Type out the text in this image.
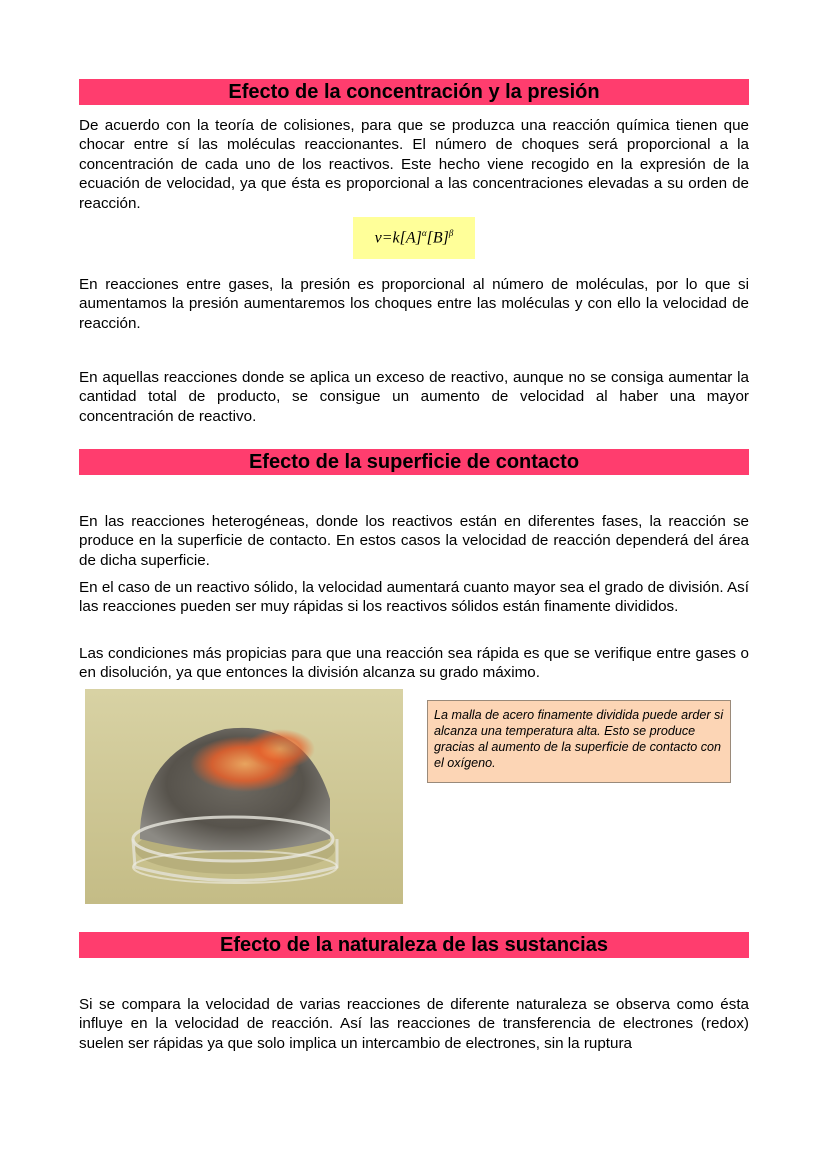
Efecto de la concentración y la presión

De acuerdo con la teoría de colisiones, para que se produzca una reacción química tienen que chocar entre sí las moléculas reaccionantes. El número de choques será proporcional a la concentración de cada uno de los reactivos. Este hecho viene recogido en la expresión de la ecuación de velocidad, ya que ésta es proporcional a las concentraciones elevadas a su orden de reacción.

$v=k[A]^\alpha[B]^\beta$

En reacciones entre gases, la presión es proporcional al número de moléculas, por lo que si aumentamos la presión aumentaremos los choques entre las moléculas y con ello la velocidad de reacción.

En aquellas reacciones donde se aplica un exceso de reactivo, aunque no se consiga aumentar la cantidad total de producto, se consigue un aumento de velocidad al haber una mayor concentración de reactivo.

Efecto de la superficie de contacto

En las reacciones heterogéneas, donde los reactivos están en diferentes fases, la reacción se produce en la superficie de contacto. En estos casos la velocidad de reacción dependerá del área de dicha superficie.

En el caso de un reactivo sólido, la velocidad aumentará cuanto mayor sea el grado de división. Así las reacciones pueden ser muy rápidas si los reactivos sólidos están finamente divididos.

Las condiciones más propicias para que una reacción sea rápida es que se verifique entre gases o en disolución, ya que entonces la división alcanza su grado máximo.

La malla de acero finamente dividida puede arder si alcanza una temperatura alta. Esto se produce gracias al aumento de la superficie de contacto con el oxígeno.

Efecto de la naturaleza de las sustancias

Si se compara la velocidad de varias reacciones de diferente naturaleza se observa como ésta influye en la velocidad de reacción. Así las reacciones de transferencia de electrones (redox) suelen ser rápidas ya que solo implica un intercambio de electrones, sin la ruptura
